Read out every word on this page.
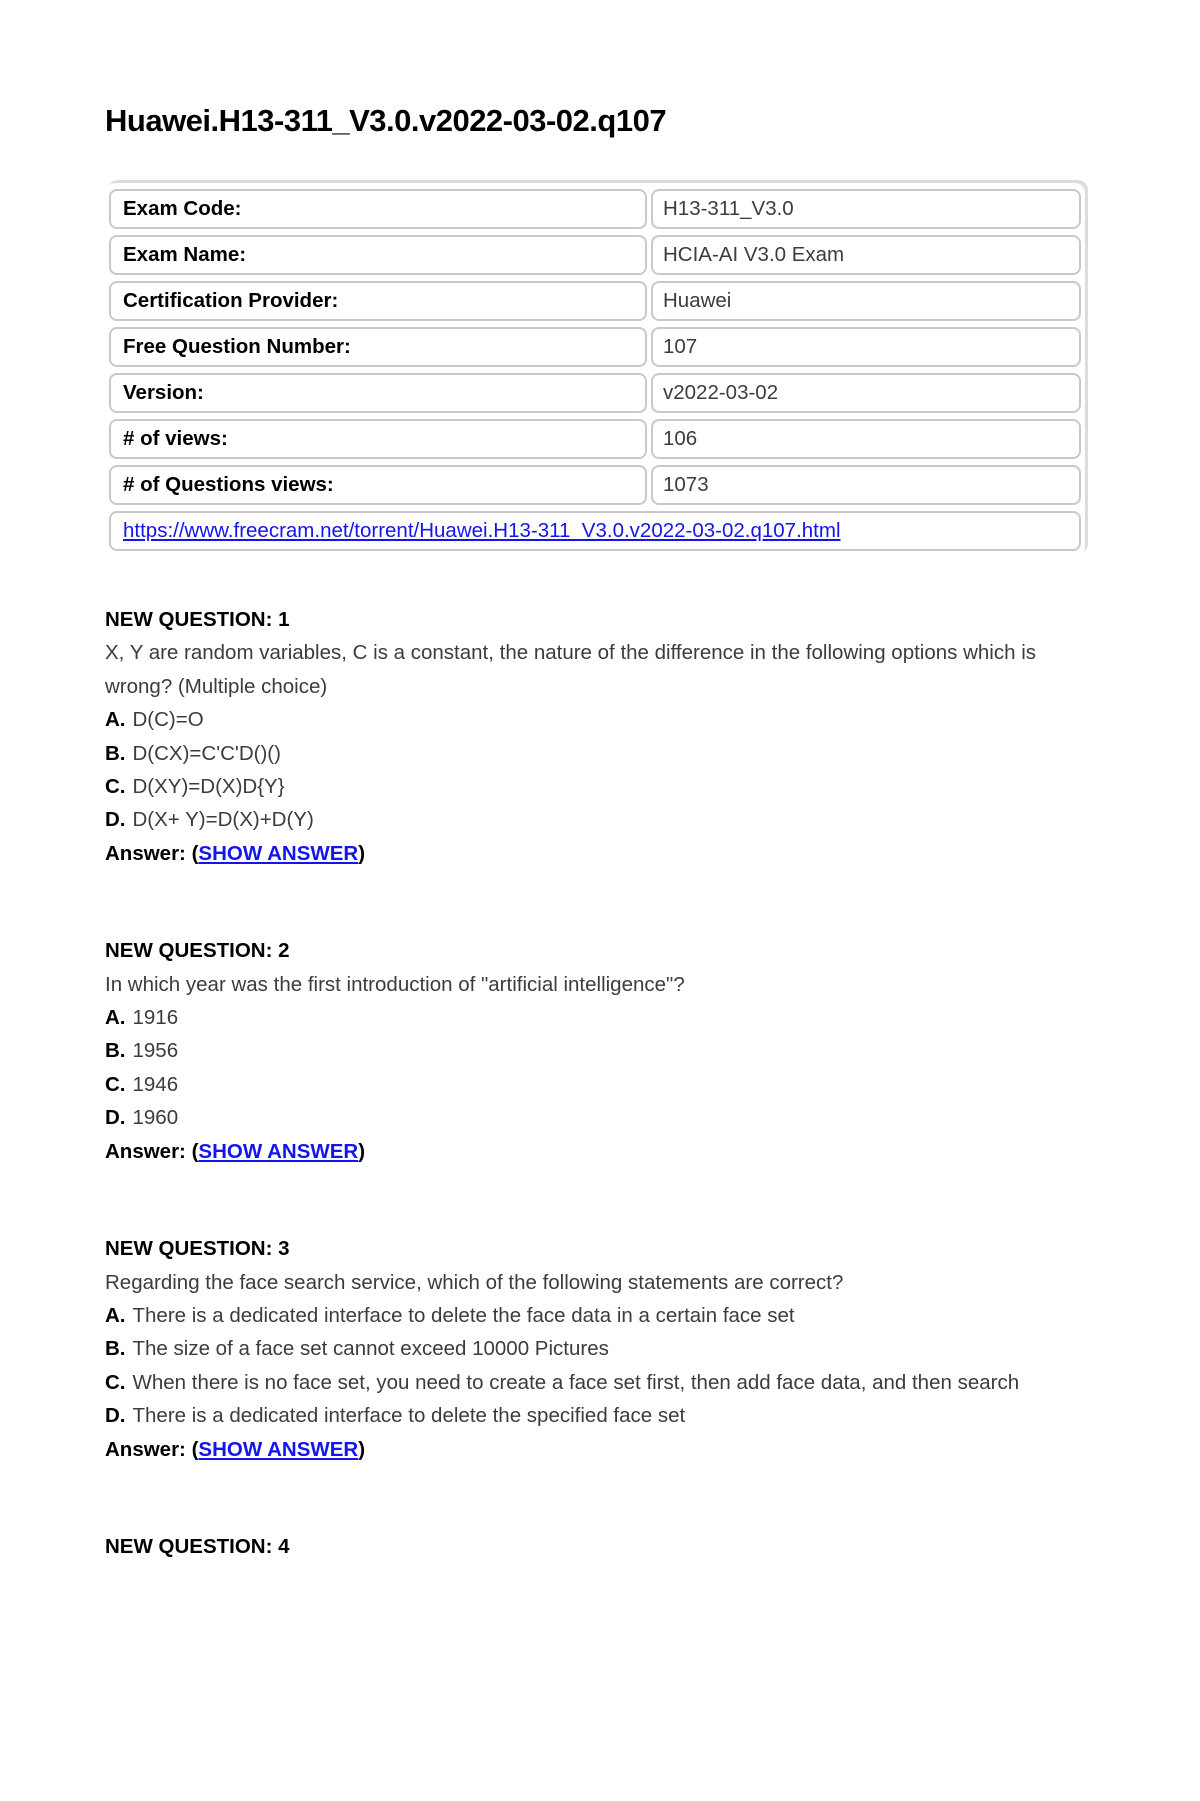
Huawei.H13-311_V3.0.v2022-03-02.q107
Exam Code:	H13-311_V3.0
Exam Name:	HCIA-AI V3.0 Exam
Certification Provider:	Huawei
Free Question Number:	107
Version:	v2022-03-02
# of views:	106
# of Questions views:	1073
https://www.freecram.net/torrent/Huawei.H13-311_V3.0.v2022-03-02.q107.html	
NEW QUESTION: 1
X, Y are random variables, C is a constant, the nature of the difference in the following options which is wrong? (Multiple choice)
A. D(C)=O
B. D(CX)=C'C'D()()
C. D(XY)=D(X)D{Y}
D. D(X+ Y)=D(X)+D(Y)
Answer: (SHOW ANSWER)
NEW QUESTION: 2
In which year was the first introduction of "artificial intelligence"?
A. 1916
B. 1956
C. 1946
D. 1960
Answer: (SHOW ANSWER)
NEW QUESTION: 3
Regarding the face search service, which of the following statements are correct?
A. There is a dedicated interface to delete the face data in a certain face set
B. The size of a face set cannot exceed 10000 Pictures
C. When there is no face set, you need to create a face set first, then add face data, and then search
D. There is a dedicated interface to delete the specified face set
Answer: (SHOW ANSWER)
NEW QUESTION: 4
